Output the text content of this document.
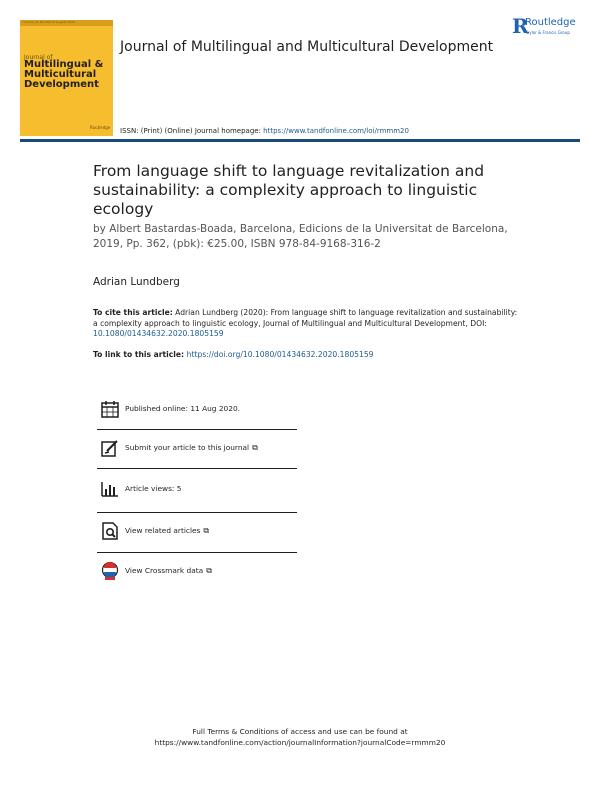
Volume 41 Number 8 August 2020
Journal of
Multilingual & Multicultural Development
Routledge
Journal of Multilingual and Multicultural Development
R
Routledge
Taylor & Francis Group
ISSN: (Print) (Online) Journal homepage: https://www.tandfonline.com/loi/rmmm20
From language shift to language revitalization and sustainability: a complexity approach to linguistic ecology
by Albert Bastardas-Boada, Barcelona, Edicions de la Universitat de Barcelona, 2019, Pp. 362, (pbk): €25.00, ISBN 978-84-9168-316-2
Adrian Lundberg
To cite this article: Adrian Lundberg (2020): From language shift to language revitalization and sustainability: a complexity approach to linguistic ecology, Journal of Multilingual and Multicultural Development, DOI: 10.1080/01434632.2020.1805159
To link to this article: https://doi.org/10.1080/01434632.2020.1805159
Published online: 11 Aug 2020.
Submit your article to this journal ⧉
Article views: 5
View related articles ⧉
View Crossmark data ⧉
Full Terms & Conditions of access and use can be found at
https://www.tandfonline.com/action/journalInformation?journalCode=rmmm20
